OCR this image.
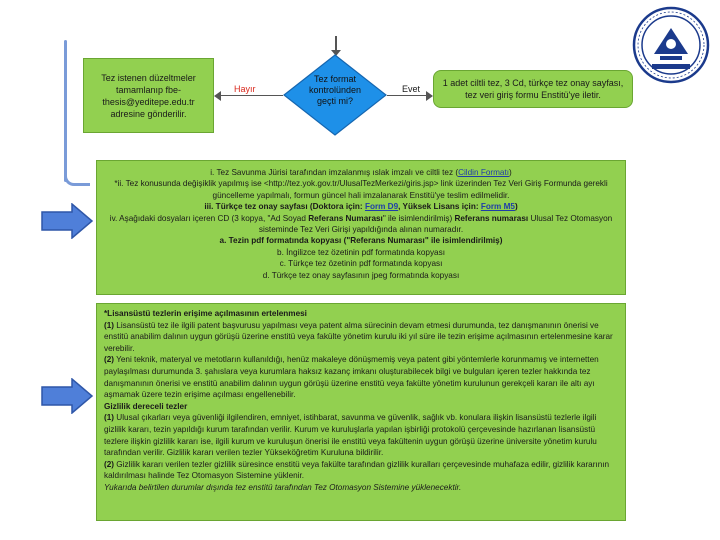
Tez istenen düzeltmeler tamamlanıp fbe-thesis@yeditepe.edu.tr adresine gönderilir.
Tez format kontrolünden geçti mi?
Hayır	Evet
1 adet ciltli tez, 3 Cd, türkçe tez onay sayfası, tez veri giriş formu Enstitü'ye iletir.

i. Tez Savunma Jürisi tarafından imzalanmış ıslak imzalı ve ciltli tez (Cildin Formatı)

*ii. Tez konusunda değişiklik yapılmış ise <http://tez.yok.gov.tr/UlusalTezMerkezi/giris.jsp> link üzerinden Tez Veri Giriş Formunda gerekli güncelleme yapılmalı, formun güncel hali imzalanarak Enstitü'ye teslim edilmelidir.

iii. Türkçe tez onay sayfası (Doktora için: Form D9, Yüksek Lisans için: Form M5)

iv. Aşağıdaki dosyaları içeren CD (3 kopya, "Ad Soyad Referans Numarası" ile isimlendirilmiş) Referans numarası Ulusal Tez Otomasyon sisteminde Tez Veri Girişi yapıldığında alınan numaradır.

a. Tezin pdf formatında kopyası ("Referans Numarası" ile isimlendirilmiş)

b. İngilizce tez özetinin pdf formatında kopyası

c. Türkçe tez özetinin pdf formatında kopyası

d. Türkçe tez onay sayfasının jpeg formatında kopyası

*Lisansüstü tezlerin erişime açılmasının ertelenmesi

(1) Lisansüstü tez ile ilgili patent başvurusu yapılması veya patent alma sürecinin devam etmesi durumunda, tez danışmanının önerisi ve enstitü anabilim dalının uygun görüşü üzerine enstitü veya fakülte yönetim kurulu iki yıl süre ile tezin erişime açılmasının ertelenmesine karar verebilir.

(2) Yeni teknik, materyal ve metotların kullanıldığı, henüz makaleye dönüşmemiş veya patent gibi yöntemlerle korunmamış ve internetten paylaşılması durumunda 3. şahıslara veya kurumlara haksız kazanç imkanı oluşturabilecek bilgi ve bulguları içeren tezler hakkında tez danışmanının önerisi ve enstitü anabilim dalının uygun görüşü üzerine enstitü veya fakülte yönetim kurulunun gerekçeli kararı ile altı ayı aşmamak üzere tezin erişime açılması engellenebilir.

Gizlilik dereceli tezler

(1) Ulusal çıkarları veya güvenliği ilgilendiren, emniyet, istihbarat, savunma ve güvenlik, sağlık vb. konulara ilişkin lisansüstü tezlerle ilgili gizlilik kararı, tezin yapıldığı kurum tarafından verilir. Kurum ve kuruluşlarla yapılan işbirliği protokolü çerçevesinde hazırlanan lisansüstü tezlere ilişkin gizlilik kararı ise, ilgili kurum ve kuruluşun önerisi ile enstitü veya fakültenin uygun görüşü üzerine üniversite yönetim kurulu tarafından verilir. Gizlilik kararı verilen tezler Yükseköğretim Kuruluna bildirilir.

(2) Gizlilik kararı verilen tezler gizlilik süresince enstitü veya fakülte tarafından gizlilik kuralları çerçevesinde muhafaza edilir, gizlilik kararının kaldırılması halinde Tez Otomasyon Sistemine yüklenir.

Yukarıda belirtilen durumlar dışında tez enstitü tarafından Tez Otomasyon Sistemine yüklenecektir.
